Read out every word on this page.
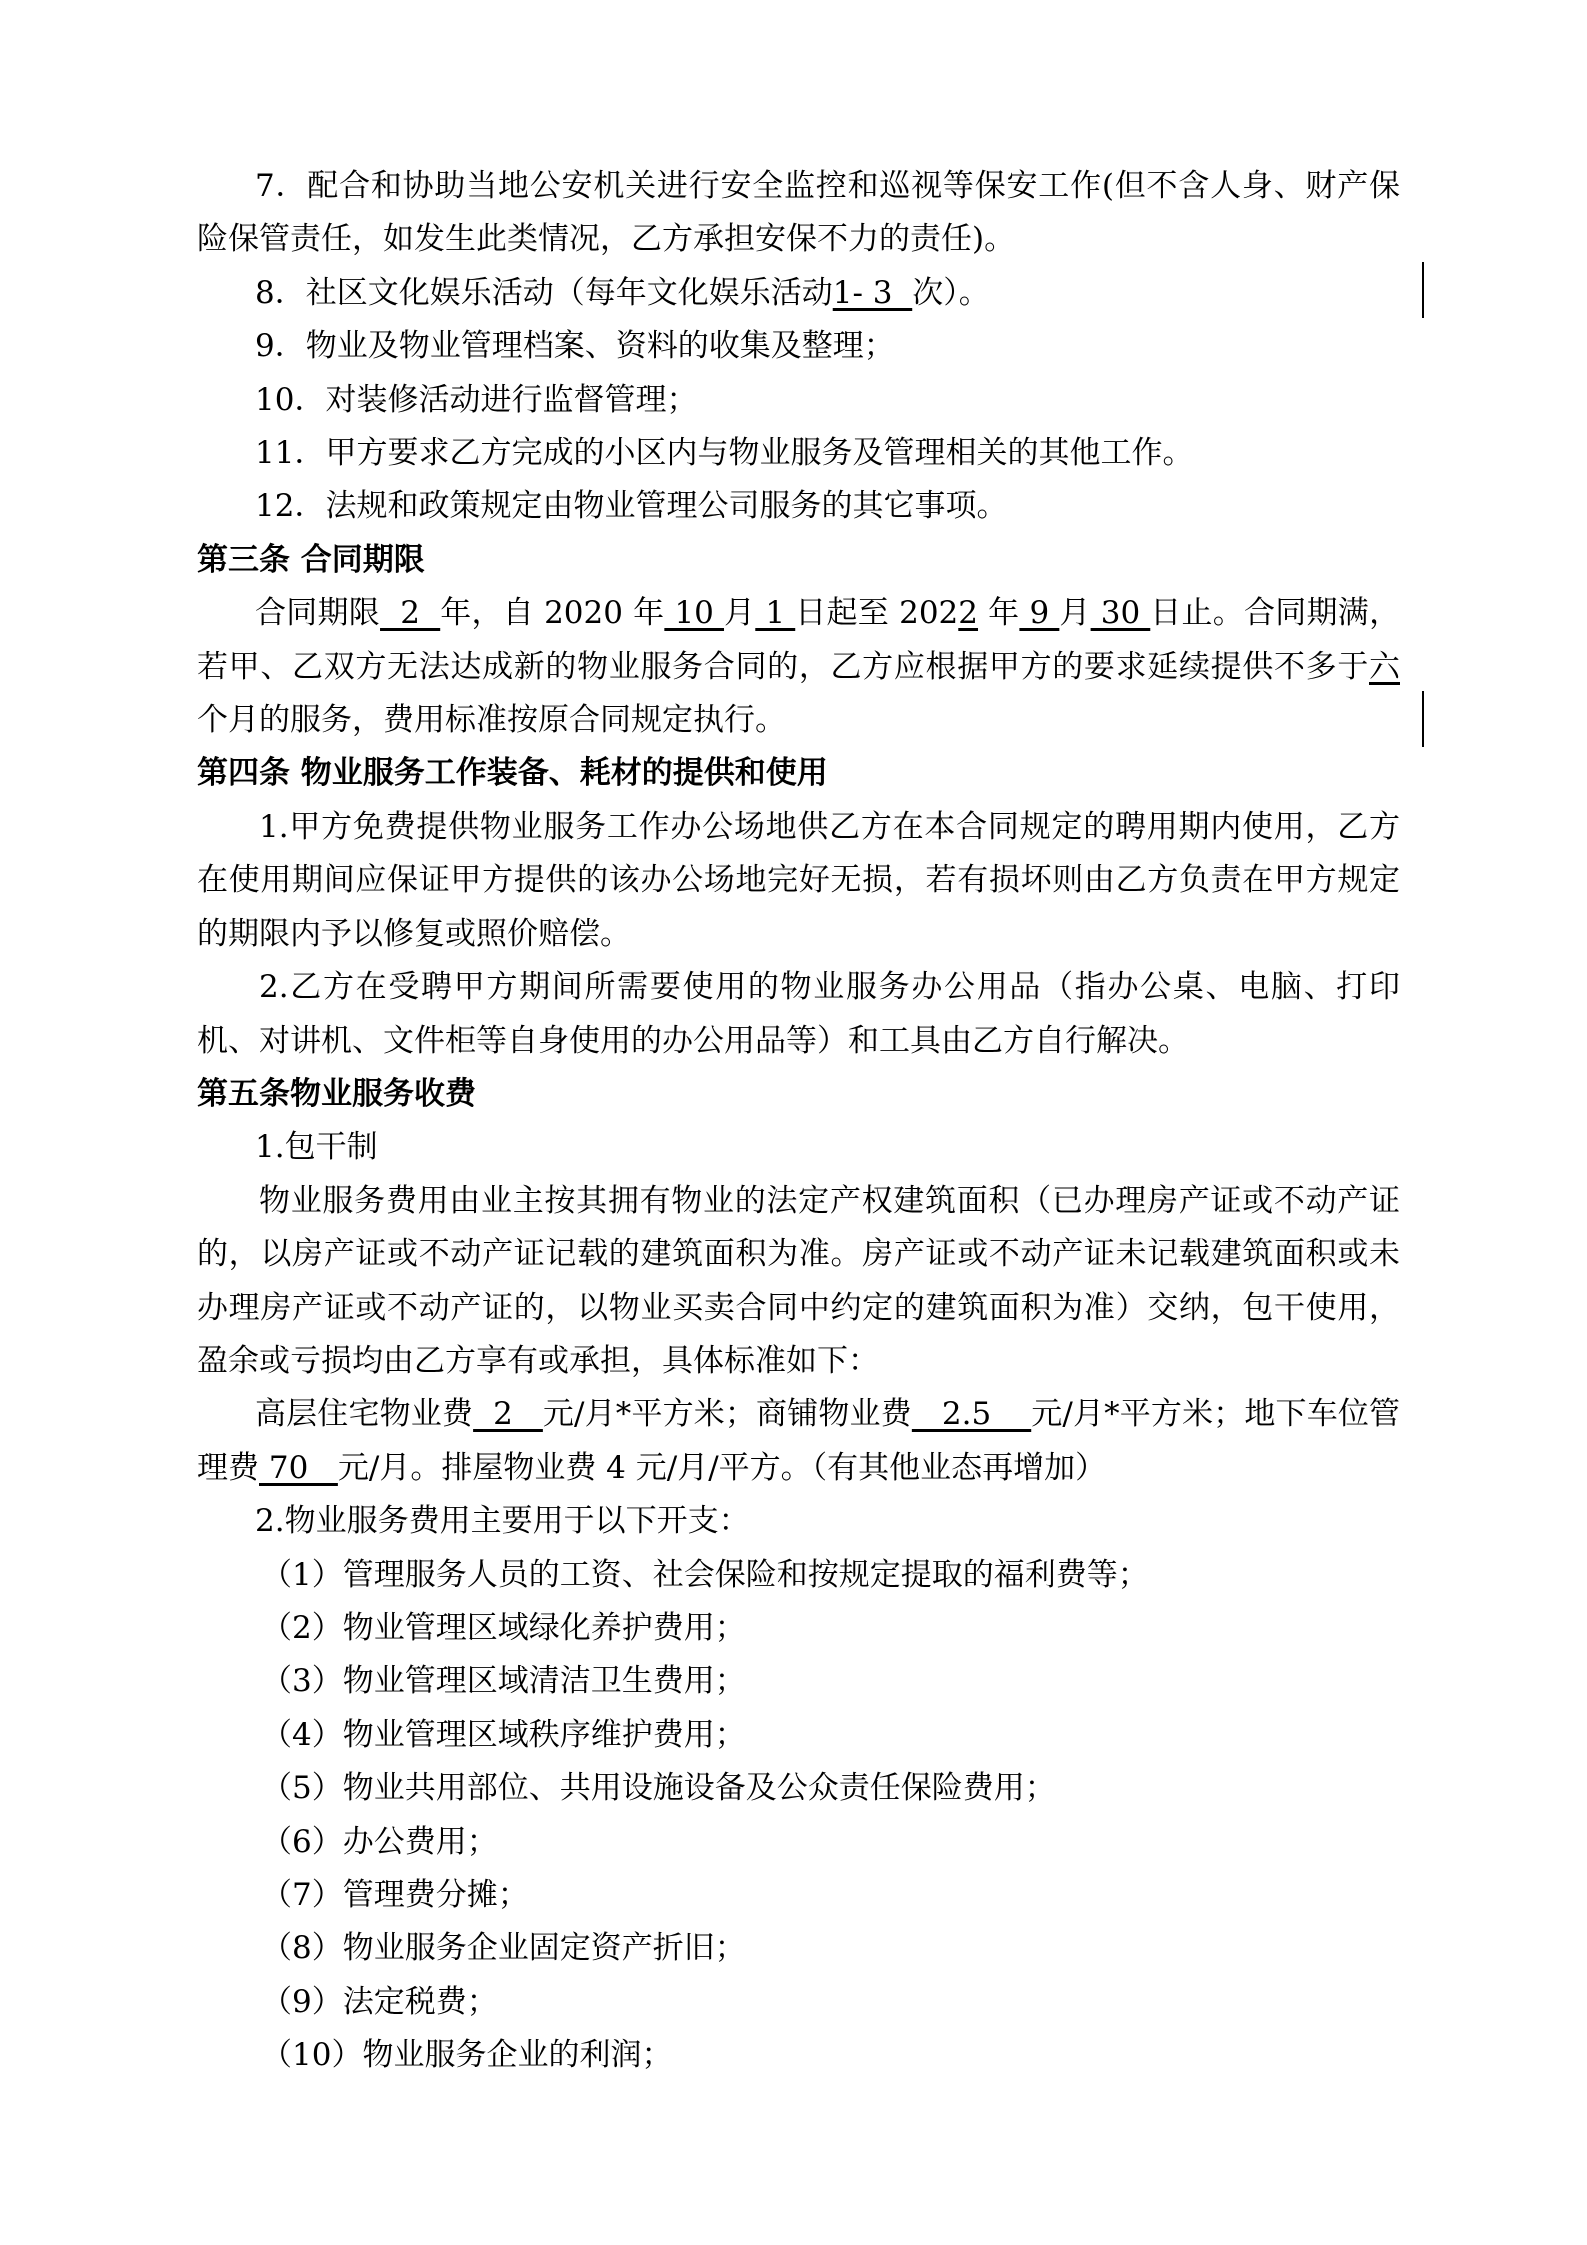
7．配合和协助当地公安机关进行安全监控和巡视等保安工作(但不含人身、财产保险保管责任，如发生此类情况，乙方承担安保不力的责任)。

8．社区文化娱乐活动（每年文化娱乐活动1- 3  次）。

9．物业及物业管理档案、资料的收集及整理；

10．对装修活动进行监督管理；

11．甲方要求乙方完成的小区内与物业服务及管理相关的其他工作。

12．法规和政策规定由物业管理公司服务的其它事项。

第三条 合同期限

合同期限  2  年，自 2020 年 10 月 1 日起至 2022 年 9 月 30 日止。合同期满，若甲、乙双方无法达成新的物业服务合同的，乙方应根据甲方的要求延续提供不多于六个月的服务，费用标准按原合同规定执行。

第四条 物业服务工作装备、耗材的提供和使用

1.甲方免费提供物业服务工作办公场地供乙方在本合同规定的聘用期内使用，乙方在使用期间应保证甲方提供的该办公场地完好无损，若有损坏则由乙方负责在甲方规定的期限内予以修复或照价赔偿。

2.乙方在受聘甲方期间所需要使用的物业服务办公用品（指办公桌、电脑、打印机、对讲机、文件柜等自身使用的办公用品等）和工具由乙方自行解决。

第五条物业服务收费

1.包干制

物业服务费用由业主按其拥有物业的法定产权建筑面积（已办理房产证或不动产证的，以房产证或不动产证记载的建筑面积为准。房产证或不动产证未记载建筑面积或未办理房产证或不动产证的，以物业买卖合同中约定的建筑面积为准）交纳，包干使用，盈余或亏损均由乙方享有或承担，具体标准如下：

高层住宅物业费  2   元/月*平方米；商铺物业费   2.5    元/月*平方米；地下车位管理费 70   元/月。排屋物业费 4 元/月/平方。（有其他业态再增加）

2.物业服务费用主要用于以下开支：

（1）管理服务人员的工资、社会保险和按规定提取的福利费等；

（2）物业管理区域绿化养护费用；

（3）物业管理区域清洁卫生费用；

（4）物业管理区域秩序维护费用；

（5）物业共用部位、共用设施设备及公众责任保险费用；

（6）办公费用；

（7）管理费分摊；

（8）物业服务企业固定资产折旧；

（9）法定税费；

（10）物业服务企业的利润；
